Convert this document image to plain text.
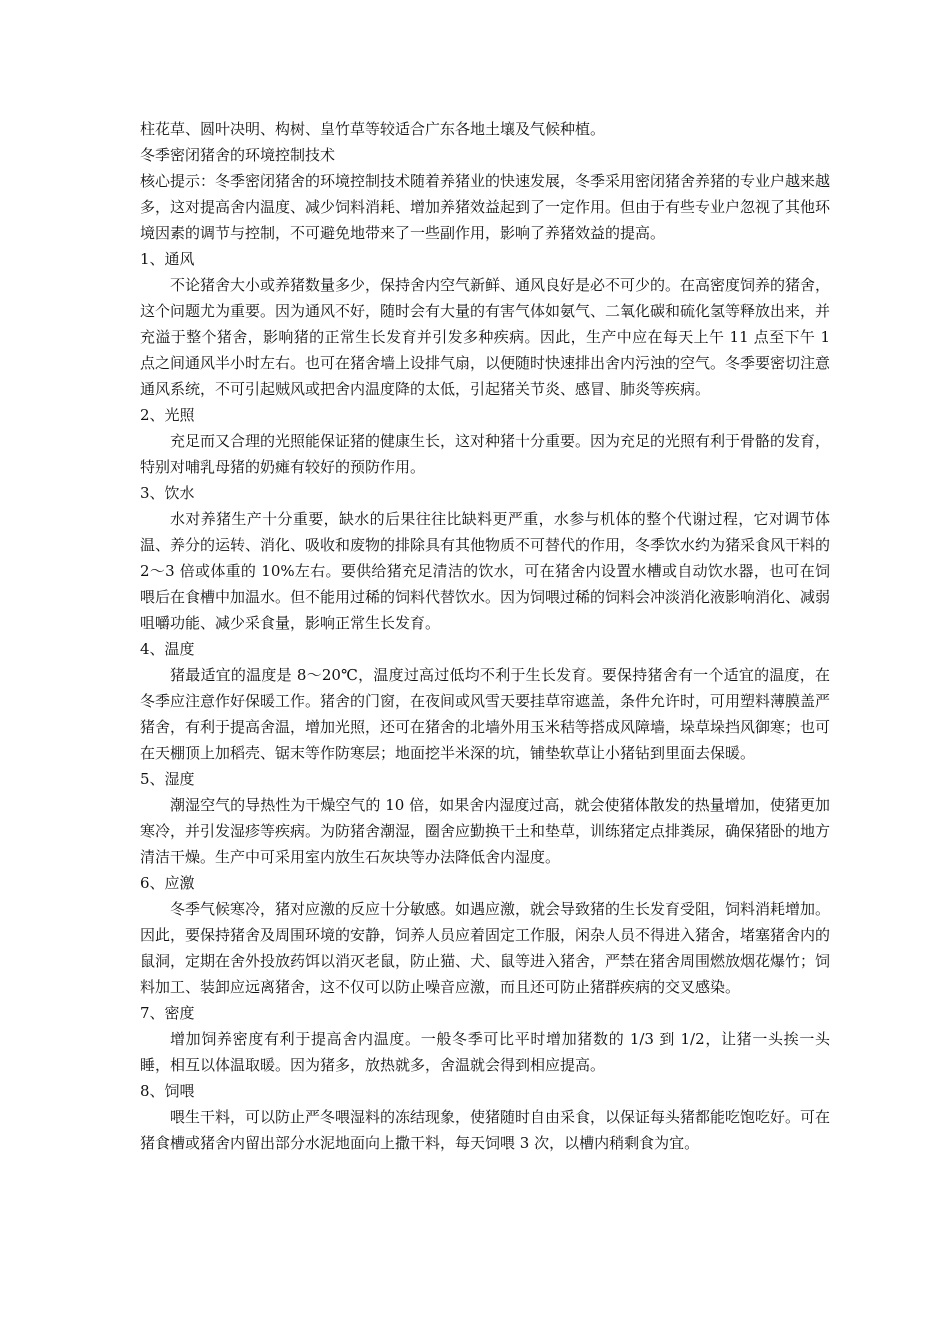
柱花草、圆叶决明、构树、皇竹草等较适合广东各地土壤及气候种植。

冬季密闭猪舍的环境控制技术

核心提示：冬季密闭猪舍的环境控制技术随着养猪业的快速发展，冬季采用密闭猪舍养猪的专业户越来越多，这对提高舍内温度、减少饲料消耗、增加养猪效益起到了一定作用。但由于有些专业户忽视了其他环境因素的调节与控制，不可避免地带来了一些副作用，影响了养猪效益的提高。

1、通风

不论猪舍大小或养猪数量多少，保持舍内空气新鲜、通风良好是必不可少的。在高密度饲养的猪舍，这个问题尤为重要。因为通风不好，随时会有大量的有害气体如氨气、二氧化碳和硫化氢等释放出来，并充溢于整个猪舍，影响猪的正常生长发育并引发多种疾病。因此，生产中应在每天上午 11 点至下午 1 点之间通风半小时左右。也可在猪舍墙上设排气扇，以便随时快速排出舍内污浊的空气。冬季要密切注意通风系统，不可引起贼风或把舍内温度降的太低，引起猪关节炎、感冒、肺炎等疾病。

2、光照

充足而又合理的光照能保证猪的健康生长，这对种猪十分重要。因为充足的光照有利于骨骼的发育，特别对哺乳母猪的奶瘫有较好的预防作用。

3、饮水

水对养猪生产十分重要，缺水的后果往往比缺料更严重，水参与机体的整个代谢过程，它对调节体温、养分的运转、消化、吸收和废物的排除具有其他物质不可替代的作用，冬季饮水约为猪采食风干料的 2～3 倍或体重的 10%左右。要供给猪充足清洁的饮水，可在猪舍内设置水槽或自动饮水器，也可在饲喂后在食槽中加温水。但不能用过稀的饲料代替饮水。因为饲喂过稀的饲料会冲淡消化液影响消化、减弱咀嚼功能、减少采食量，影响正常生长发育。

4、温度

猪最适宜的温度是 8～20℃，温度过高过低均不利于生长发育。要保持猪舍有一个适宜的温度，在冬季应注意作好保暖工作。猪舍的门窗，在夜间或风雪天要挂草帘遮盖，条件允许时，可用塑料薄膜盖严猪舍，有利于提高舍温，增加光照，还可在猪舍的北墙外用玉米秸等搭成风障墙，垛草垛挡风御寒；也可在天棚顶上加稻壳、锯末等作防寒层；地面挖半米深的坑，铺垫软草让小猪钻到里面去保暖。

5、湿度

潮湿空气的导热性为干燥空气的 10 倍，如果舍内湿度过高，就会使猪体散发的热量增加，使猪更加寒冷，并引发湿疹等疾病。为防猪舍潮湿，圈舍应勤换干土和垫草，训练猪定点排粪尿，确保猪卧的地方清洁干燥。生产中可采用室内放生石灰块等办法降低舍内湿度。

6、应激

冬季气候寒冷，猪对应激的反应十分敏感。如遇应激，就会导致猪的生长发育受阻，饲料消耗增加。因此，要保持猪舍及周围环境的安静，饲养人员应着固定工作服，闲杂人员不得进入猪舍，堵塞猪舍内的鼠洞，定期在舍外投放药饵以消灭老鼠，防止猫、犬、鼠等进入猪舍，严禁在猪舍周围燃放烟花爆竹；饲料加工、装卸应远离猪舍，这不仅可以防止噪音应激，而且还可防止猪群疾病的交叉感染。

7、密度

增加饲养密度有利于提高舍内温度。一般冬季可比平时增加猪数的 1/3 到 1/2，让猪一头挨一头睡，相互以体温取暖。因为猪多，放热就多，舍温就会得到相应提高。

8、饲喂

喂生干料，可以防止严冬喂湿料的冻结现象，使猪随时自由采食，以保证每头猪都能吃饱吃好。可在猪食槽或猪舍内留出部分水泥地面向上撒干料，每天饲喂 3 次，以槽内稍剩食为宜。
